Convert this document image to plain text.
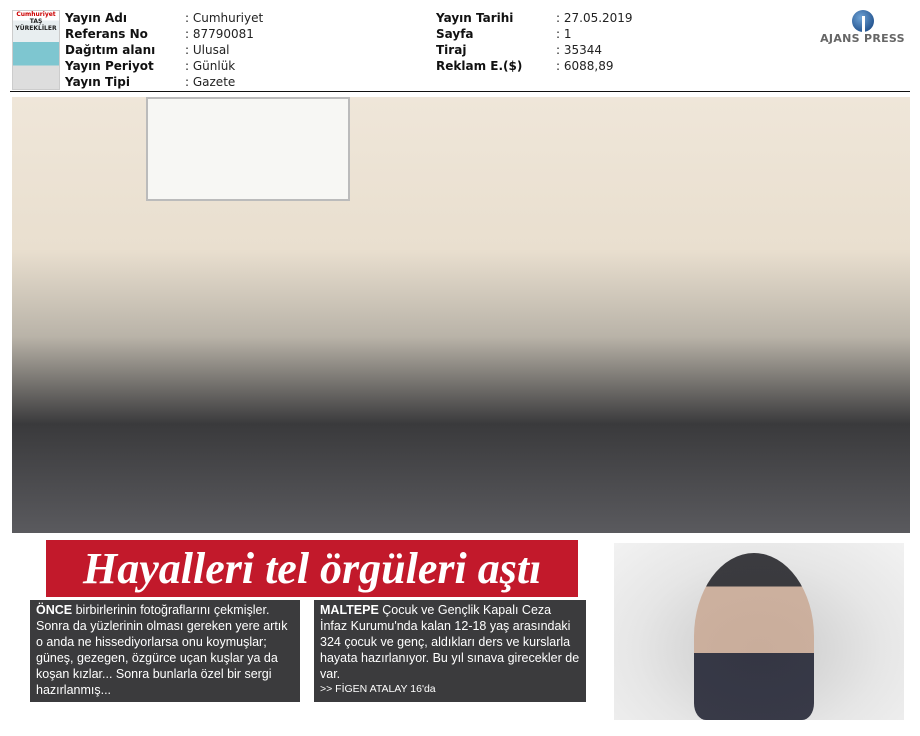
Cumhuriyet
TAŞ YÜREKLİLER
Yayın Adı	: Cumhuriyet
Referans No	: 87790081
Dağıtım alanı	: Ulusal
Yayın Periyot	: Günlük
Yayın Tipi	: Gazete
Yayın Tarihi	: 27.05.2019
Sayfa	: 1
Tiraj	: 35344
Reklam E.($)	: 6088,89
AJANS PRESS
Hayalleri tel örgüleri aştı
ÖNCE birbirlerinin fotoğraflarını çekmişler. Sonra da yüzlerinin olması gereken yere artık o anda ne hissediyorlarsa onu koymuşlar; güneş, gezegen, özgürce uçan kuşlar ya da koşan kızlar... Sonra bunlarla özel bir sergi hazırlanmış...
MALTEPE Çocuk ve Gençlik Kapalı Ceza İnfaz Kurumu'nda kalan 12-18 yaş arasındaki 324 çocuk ve genç, aldıkları ders ve kurslarla hayata hazırlanıyor. Bu yıl sınava girecekler de var.
>> FİGEN ATALAY 16'da
